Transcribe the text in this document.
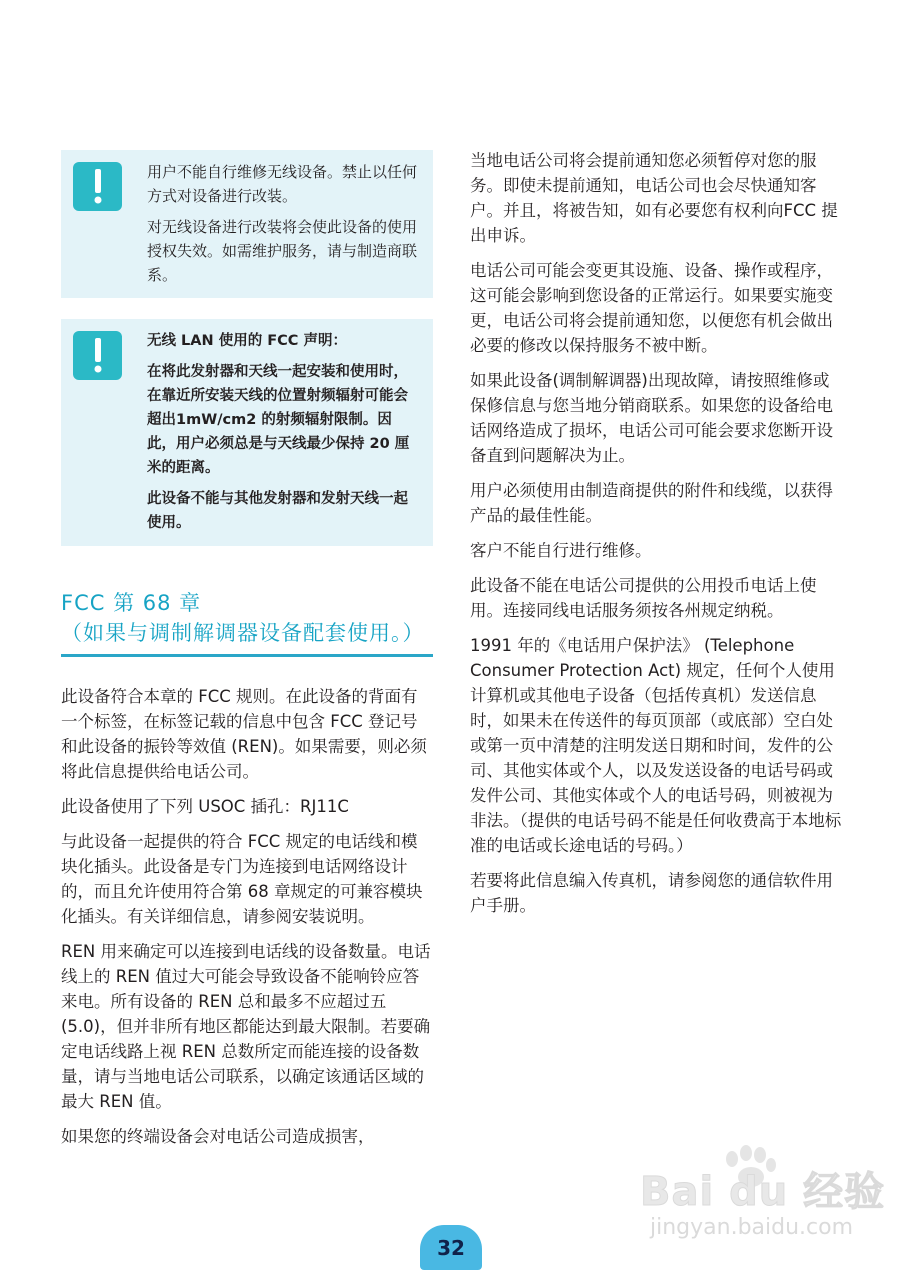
用户不能自行维修无线设备。禁止以任何方式对设备进行改装。

对无线设备进行改装将会使此设备的使用授权失效。如需维护服务，请与制造商联系。

无线 LAN 使用的 FCC 声明：

在将此发射器和天线一起安装和使用时，在靠近所安装天线的位置射频辐射可能会超出1mW/cm2 的射频辐射限制。因此，用户必须总是与天线最少保持 20 厘米的距离。

此设备不能与其他发射器和发射天线一起使用。

FCC 第 68 章
（如果与调制解调器设备配套使用。）

此设备符合本章的 FCC 规则。在此设备的背面有一个标签，在标签记载的信息中包含 FCC 登记号和此设备的振铃等效值 (REN)。如果需要，则必须将此信息提供给电话公司。

此设备使用了下列 USOC 插孔：RJ11C

与此设备一起提供的符合 FCC 规定的电话线和模块化插头。此设备是专门为连接到电话网络设计的，而且允许使用符合第 68 章规定的可兼容模块化插头。有关详细信息，请参阅安装说明。

REN 用来确定可以连接到电话线的设备数量。电话线上的 REN 值过大可能会导致设备不能响铃应答来电。所有设备的 REN 总和最多不应超过五 (5.0)，但并非所有地区都能达到最大限制。若要确定电话线路上视 REN 总数所定而能连接的设备数量，请与当地电话公司联系，以确定该通话区域的最大 REN 值。

如果您的终端设备会对电话公司造成损害，

当地电话公司将会提前通知您必须暂停对您的服务。即使未提前通知，电话公司也会尽快通知客户。并且，将被告知，如有必要您有权利向FCC 提出申诉。

电话公司可能会变更其设施、设备、操作或程序，这可能会影响到您设备的正常运行。如果要实施变更，电话公司将会提前通知您，以便您有机会做出必要的修改以保持服务不被中断。

如果此设备(调制解调器)出现故障，请按照维修或保修信息与您当地分销商联系。如果您的设备给电话网络造成了损坏，电话公司可能会要求您断开设备直到问题解决为止。

用户必须使用由制造商提供的附件和线缆，以获得产品的最佳性能。

客户不能自行进行维修。

此设备不能在电话公司提供的公用投币电话上使用。连接同线电话服务须按各州规定纳税。

1991 年的《电话用户保护法》 (Telephone Consumer Protection Act) 规定，任何个人使用计算机或其他电子设备（包括传真机）发送信息时，如果未在传送件的每页顶部（或底部）空白处或第一页中清楚的注明发送日期和时间，发件的公司、其他实体或个人，以及发送设备的电话号码或发件公司、其他实体或个人的电话号码，则被视为非法。（提供的电话号码不能是任何收费高于本地标准的电话或长途电话的号码。）

若要将此信息编入传真机，请参阅您的通信软件用户手册。

Bai du 经验
jingyan.baidu.com
32
